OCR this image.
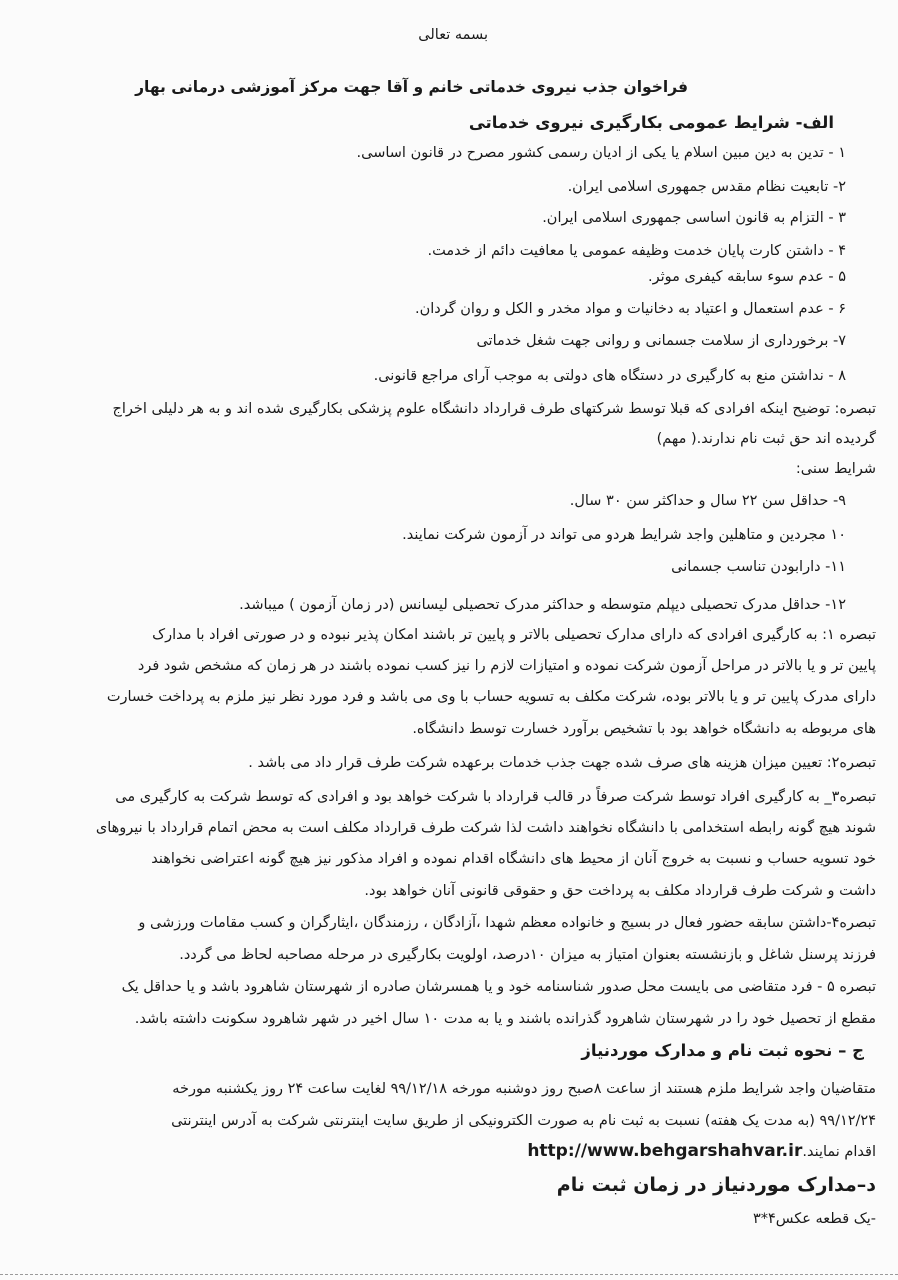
بسمه تعالی
فراخوان جذب نیروی خدماتی خانم و آقا جهت مرکز آموزشی درمانی بهار
الف- شرایط عمومی بکارگیری نیروی خدماتی
۱ - تدین به دین مبین اسلام یا یکی از ادیان رسمی کشور مصرح در قانون اساسی.
۲- تابعیت نظام مقدس جمهوری اسلامی ایران.
۳ - التزام به قانون اساسی جمهوری اسلامی ایران.
۴ - داشتن کارت پایان خدمت وظیفه عمومی یا معافیت دائم از خدمت.
۵ - عدم سوء سابقه کیفری موثر.
۶ - عدم استعمال و اعتیاد به دخانیات و مواد مخدر و الکل و روان گردان.
۷- برخورداری از سلامت جسمانی و روانی جهت شغل خدماتی
۸ - نداشتن منع به کارگیری در دستگاه های دولتی به موجب آرای مراجع قانونی.
تبصره: توضیح اینکه افرادی که قبلا توسط شرکتهای طرف قرارداد دانشگاه علوم پزشکی بکارگیری شده اند و به هر دلیلی اخراج
گردیده اند حق ثبت نام ندارند.( مهم)
شرایط سنی:
۹- حداقل سن ۲۲ سال و حداکثر سن ۳۰ سال.
۱۰ مجردین و متاهلین واجد شرایط هردو می تواند در آزمون شرکت نمایند.
۱۱- دارابودن تناسب جسمانی
۱۲- حداقل مدرک تحصیلی دیپلم متوسطه و حداکثر مدرک تحصیلی لیسانس (در زمان آزمون ) میباشد.
تبصره ۱: به کارگیری افرادی که دارای مدارک تحصیلی بالاتر و پایین تر باشند امکان پذیر نبوده و در صورتی افراد با مدارک
پایین تر و یا بالاتر در مراحل آزمون شرکت نموده و امتیازات لازم را نیز کسب نموده باشند در هر زمان که مشخص شود فرد
دارای مدرک پایین تر و یا بالاتر بوده، شرکت مکلف به تسویه حساب با وی می باشد و فرد مورد نظر نیز ملزم به پرداخت خسارت
های مربوطه به دانشگاه خواهد بود با تشخیص برآورد خسارت توسط دانشگاه.
تبصره۲: تعیین میزان هزینه های صرف شده جهت جذب خدمات برعهده شرکت طرف قرار داد می باشد .
تبصره۳_ به کارگیری افراد توسط شرکت صرفاً در قالب قرارداد با شرکت خواهد بود و افرادی که توسط شرکت به کارگیری می
شوند هیچ گونه رابطه استخدامی با دانشگاه نخواهند داشت لذا شرکت طرف قرارداد مکلف است به محض اتمام قرارداد با نیروهای
خود تسویه حساب و نسبت به خروج آنان از محیط های دانشگاه اقدام نموده و افراد مذکور نیز هیچ گونه اعتراضی نخواهند
داشت و شرکت طرف قرارداد مکلف به پرداخت حق و حقوقی قانونی آنان خواهد بود.
تبصره۴-داشتن سابقه حضور فعال در بسیج و خانواده معظم شهدا ،آزادگان ، رزمندگان ،ایثارگران و کسب مقامات ورزشی و
فرزند پرسنل شاغل و بازنشسته بعنوان امتیاز به میزان ۱۰درصد، اولویت بکارگیری در مرحله مصاحبه لحاظ می گردد.
تبصره ۵ - فرد متقاضی می بایست محل صدور شناسنامه خود و یا همسرشان صادره از شهرستان شاهرود باشد و یا حداقل یک
مقطع از تحصیل خود را در شهرستان شاهرود گذرانده باشند و یا به مدت ۱۰ سال اخیر در شهر شاهرود سکونت داشته باشد.
ج – نحوه ثبت نام و مدارک موردنیاز
متقاضیان واجد شرایط ملزم هستند از ساعت ۸صبح روز دوشنبه مورخه ۹۹/۱۲/۱۸ لغایت ساعت ۲۴ روز یکشنبه مورخه
۹۹/۱۲/۲۴ (به مدت یک هفته) نسبت به ثبت نام به صورت الکترونیکی از طریق سایت اینترنتی شرکت به آدرس اینترنتی
اقدام نمایند.http://www.behgarshahvar.ir
د–مدارک موردنیاز در زمان ثبت نام
-یک قطعه عکس۴*۳
